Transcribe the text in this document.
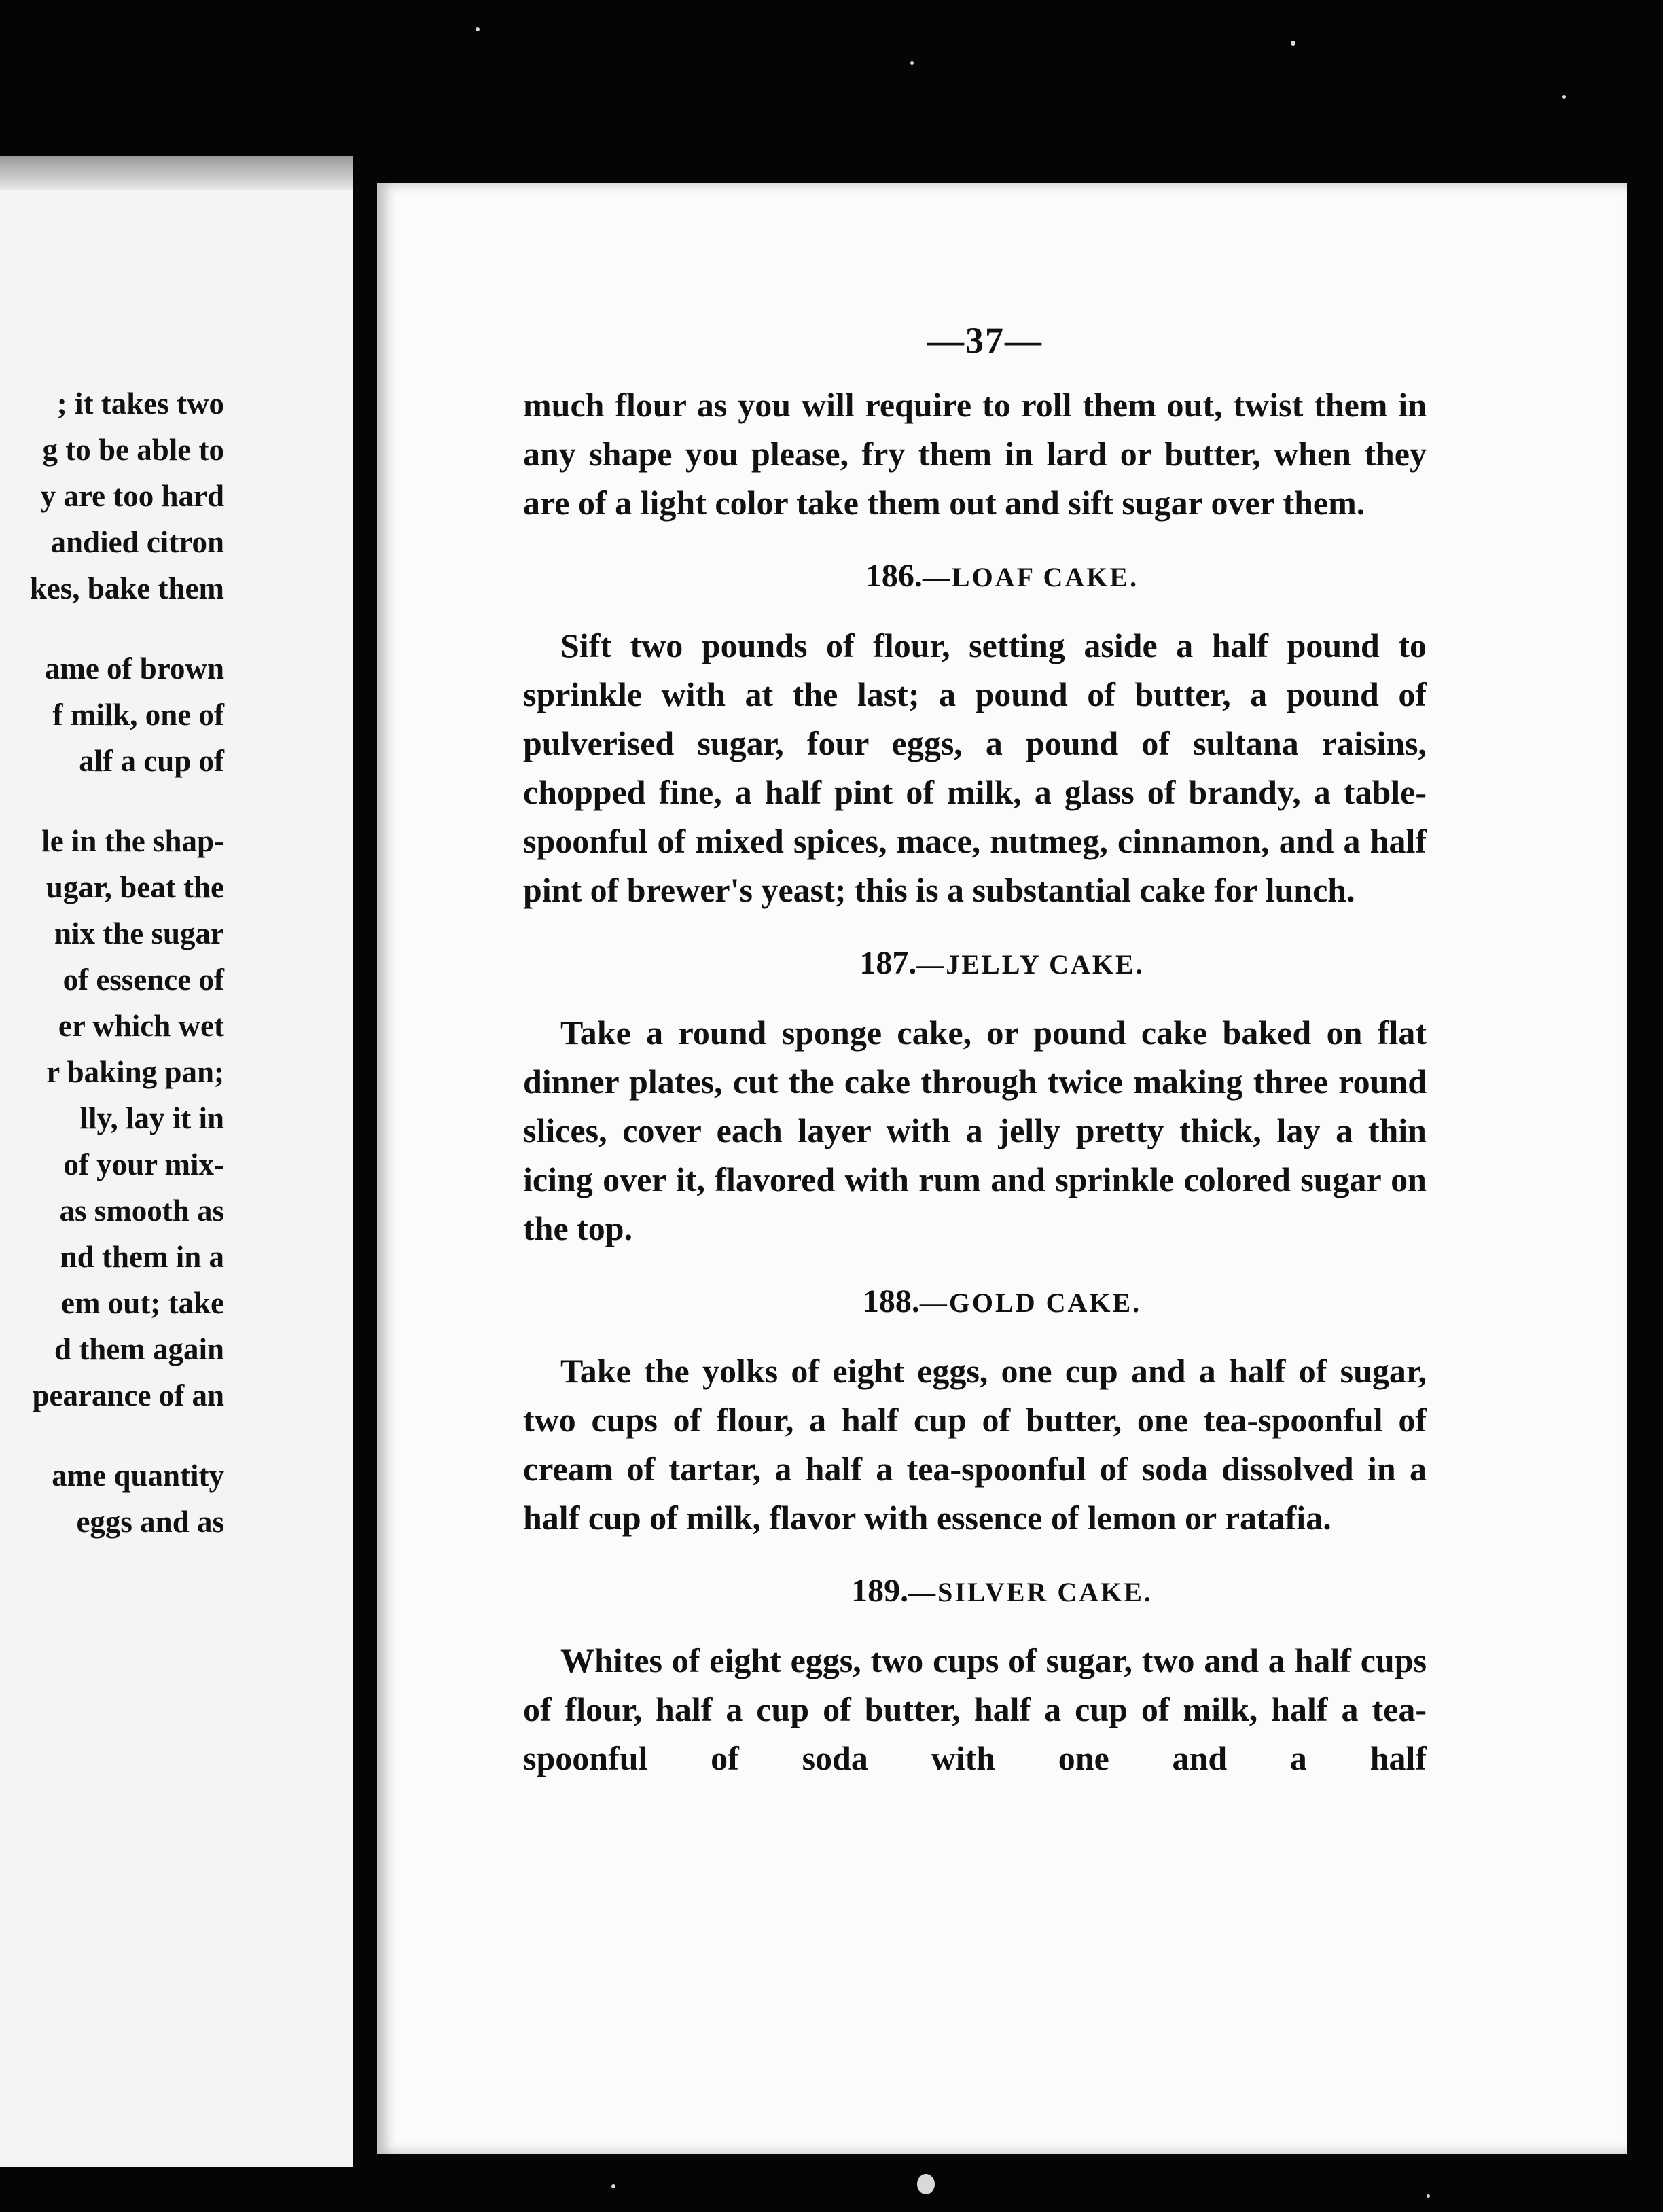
; it takes two
g to be able to
y are too hard
andied citron
kes, bake them
ame of brown
f milk, one of
alf a cup of
le in the shap-
ugar, beat the
nix the sugar
of essence of
er which wet
r baking pan;
lly, lay it in
of your mix-
as smooth as
nd them in a
em out; take
d them again
pearance of an
ame quantity
eggs and as
—37—

much flour as you will require to roll them out, twist them in any shape you please, fry them in lard or butter, when they are of a light color take them out and sift sugar over them.

186.—LOAF CAKE.

Sift two pounds of flour, setting aside a half pound to sprinkle with at the last; a pound of butter, a pound of pulverised sugar, four eggs, a pound of sultana raisins, chopped fine, a half pint of milk, a glass of brandy, a table-spoonful of mixed spices, mace, nutmeg, cinnamon, and a half pint of brewer's yeast; this is a substantial cake for lunch.

187.—JELLY CAKE.

Take a round sponge cake, or pound cake baked on flat dinner plates, cut the cake through twice making three round slices, cover each layer with a jelly pretty thick, lay a thin icing over it, flavored with rum and sprinkle colored sugar on the top.

188.—GOLD CAKE.

Take the yolks of eight eggs, one cup and a half of sugar, two cups of flour, a half cup of butter, one tea-spoonful of cream of tartar, a half a tea-spoonful of soda dissolved in a half cup of milk, flavor with essence of lemon or ratafia.

189.—SILVER CAKE.

Whites of eight eggs, two cups of sugar, two and a half cups of flour, half a cup of butter, half a cup of milk, half a tea-spoonful of soda with one and a half
